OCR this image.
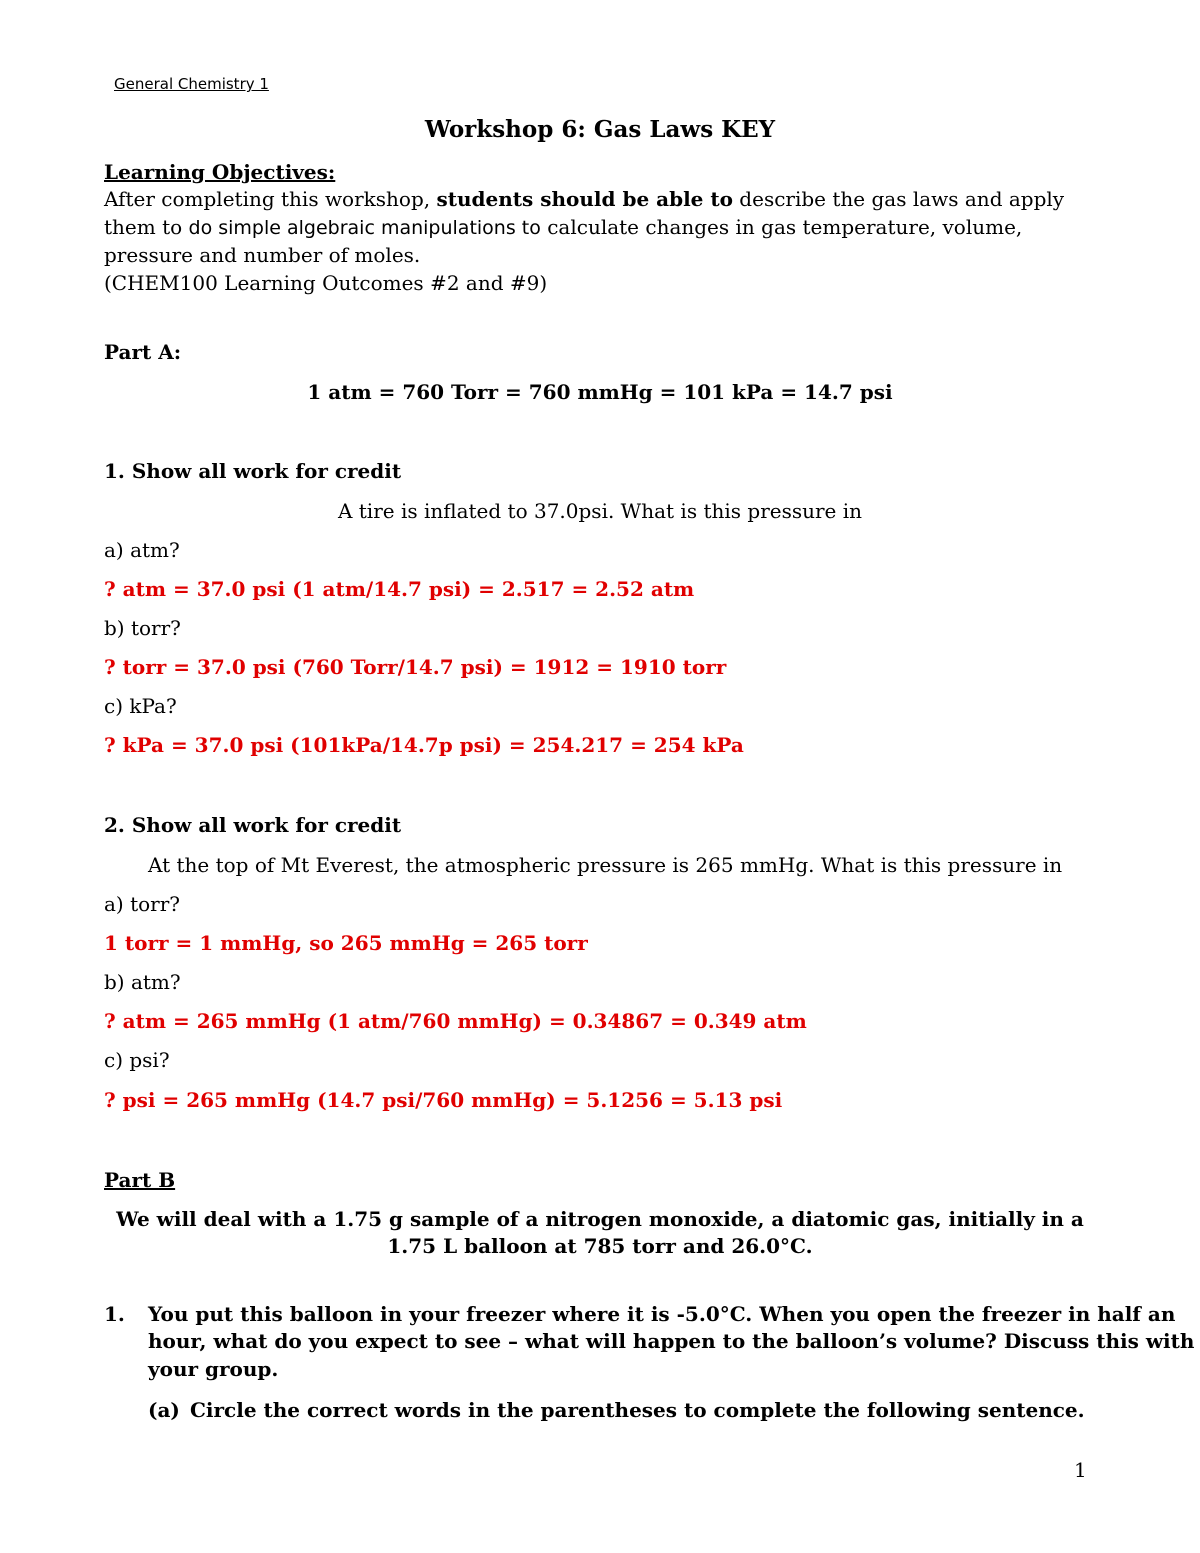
General Chemistry 1
Workshop 6: Gas Laws KEY
Learning Objectives:
After completing this workshop, students should be able to describe the gas laws and apply
them to do simple algebraic manipulations to calculate changes in gas temperature, volume,
pressure and number of moles.
(CHEM100 Learning Outcomes #2 and #9)
Part A:
1 atm = 760 Torr = 760 mmHg = 101 kPa = 14.7 psi
1. Show all work for credit
A tire is inflated to 37.0psi. What is this pressure in
a) atm?
? atm = 37.0 psi (1 atm/14.7 psi) = 2.517 = 2.52 atm
b) torr?
? torr = 37.0 psi (760 Torr/14.7 psi) = 1912 = 1910 torr
c) kPa?
? kPa = 37.0 psi (101kPa/14.7p psi) = 254.217 = 254 kPa
2. Show all work for credit
At the top of Mt Everest, the atmospheric pressure is 265 mmHg. What is this pressure in
a) torr?
1 torr = 1 mmHg, so 265 mmHg = 265 torr
b) atm?
? atm = 265 mmHg (1 atm/760 mmHg) = 0.34867 = 0.349 atm
c) psi?
? psi = 265 mmHg (14.7 psi/760 mmHg) = 5.1256 = 5.13 psi
Part B
We will deal with a 1.75 g sample of a nitrogen monoxide, a diatomic gas, initially in a
1.75 L balloon at 785 torr and 26.0°C.
1. You put this balloon in your freezer where it is -5.0°C. When you open the freezer in half an
hour, what do you expect to see – what will happen to the balloon’s volume? Discuss this with
your group.
(a) Circle the correct words in the parentheses to complete the following sentence.
1
